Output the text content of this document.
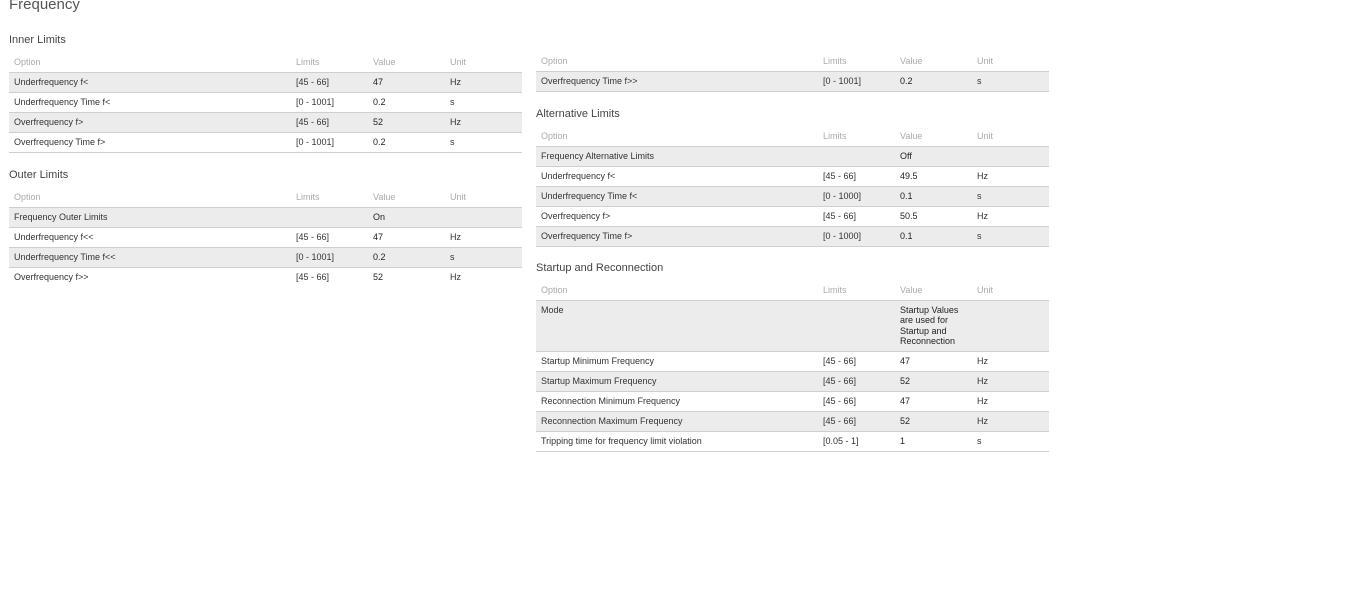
Frequency
Inner Limits
Option	Limits	Value	Unit
Underfrequency f<	[45 - 66]	47	Hz
Underfrequency Time f<	[0 - 1001]	0.2	s
Overfrequency f>	[45 - 66]	52	Hz
Overfrequency Time f>	[0 - 1001]	0.2	s
Outer Limits
Option	Limits	Value	Unit
Frequency Outer Limits		On	
Underfrequency f<<	[45 - 66]	47	Hz
Underfrequency Time f<<	[0 - 1001]	0.2	s
Overfrequency f>>	[45 - 66]	52	Hz
Option	Limits	Value	Unit
Overfrequency Time f>>	[0 - 1001]	0.2	s
Alternative Limits
Option	Limits	Value	Unit
Frequency Alternative Limits		Off	
Underfrequency f<	[45 - 66]	49.5	Hz
Underfrequency Time f<	[0 - 1000]	0.1	s
Overfrequency f>	[45 - 66]	50.5	Hz
Overfrequency Time f>	[0 - 1000]	0.1	s
Startup and Reconnection
Option	Limits	Value	Unit
Mode		Startup Values are used for Startup and Reconnection	
Startup Minimum Frequency	[45 - 66]	47	Hz
Startup Maximum Frequency	[45 - 66]	52	Hz
Reconnection Minimum Frequency	[45 - 66]	47	Hz
Reconnection Maximum Frequency	[45 - 66]	52	Hz
Tripping time for frequency limit violation	[0.05 - 1]	1	s
